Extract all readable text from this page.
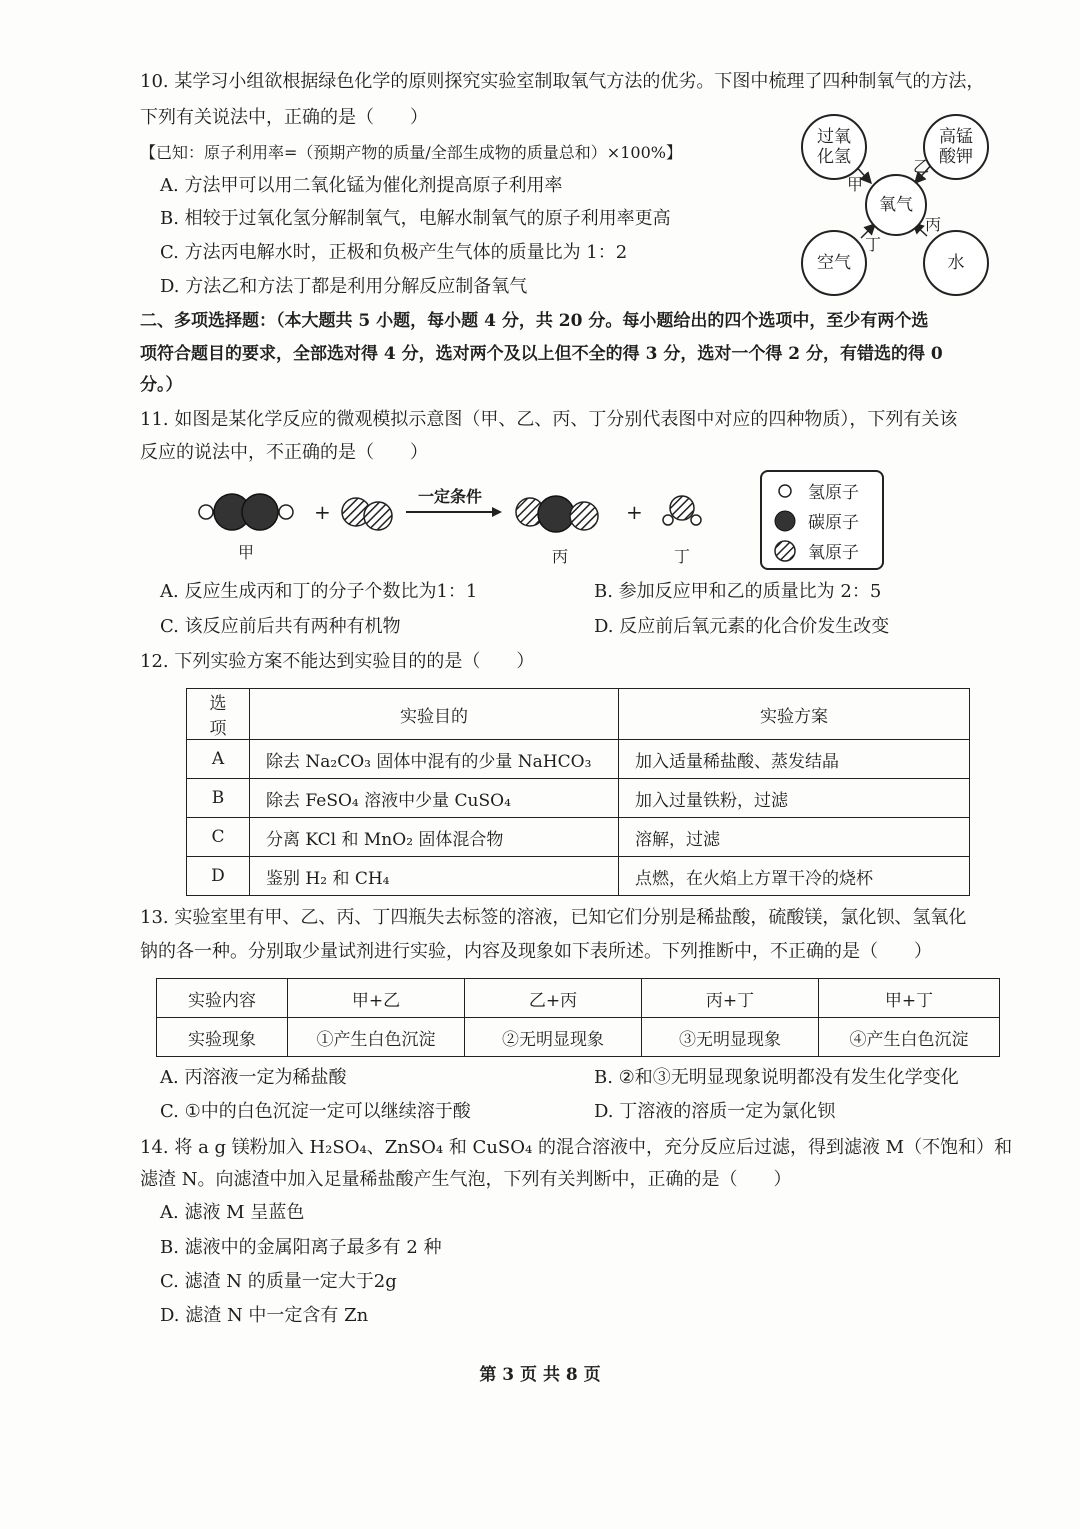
10. 某学习小组欲根据绿色化学的原则探究实验室制取氧气方法的优劣。下图中梳理了四种制氧气的方法，
下列有关说法中，正确的是（　　）
【已知：原子利用率=（预期产物的质量/全部生成物的质量总和）×100%】
A. 方法甲可以用二氧化锰为催化剂提高原子利用率
B. 相较于过氧化氢分解制氧气，电解水制氧气的原子利用率更高
C. 方法丙电解水时，正极和负极产生气体的质量比为 1：2
D. 方法乙和方法丁都是利用分解反应制备氧气
过氧化氢
高锰酸钾
氧气
空气	水
甲
乙
丙
丁
二、多项选择题：（本大题共 5 小题，每小题 4 分，共 20 分。每小题给出的四个选项中，至少有两个选
项符合题目的要求，全部选对得 4 分，选对两个及以上但不全的得 3 分，选对一个得 2 分，有错选的得 0
分。）
11. 如图是某化学反应的微观模拟示意图（甲、乙、丙、丁分别代表图中对应的四种物质），下列有关该
反应的说法中，不正确的是（　　）
+
一定条件
+
甲	丙	丁
氢原子
碳原子
氧原子
A. 反应生成丙和丁的分子个数比为1：1	B. 参加反应甲和乙的质量比为 2：5
C. 该反应前后共有两种有机物	D. 反应前后氧元素的化合价发生改变
12. 下列实验方案不能达到实验目的的是（　　）
选项	实验目的	实验方案
A	除去 Na₂CO₃ 固体中混有的少量 NaHCO₃	加入适量稀盐酸、蒸发结晶
B	除去 FeSO₄ 溶液中少量 CuSO₄	加入过量铁粉，过滤
C	分离 KCl 和 MnO₂ 固体混合物	溶解，过滤
D	鉴别 H₂ 和 CH₄	点燃，在火焰上方罩干冷的烧杯
13. 实验室里有甲、乙、丙、丁四瓶失去标签的溶液，已知它们分别是稀盐酸，硫酸镁，氯化钡、氢氧化
钠的各一种。分别取少量试剂进行实验，内容及现象如下表所述。下列推断中，不正确的是（　　）
实验内容	甲+乙	乙+丙	丙+丁	甲+丁
实验现象	①产生白色沉淀	②无明显现象	③无明显现象	④产生白色沉淀
A. 丙溶液一定为稀盐酸	B. ②和③无明显现象说明都没有发生化学变化
C. ①中的白色沉淀一定可以继续溶于酸	D. 丁溶液的溶质一定为氯化钡
14. 将 a g 镁粉加入 H₂SO₄、ZnSO₄ 和 CuSO₄ 的混合溶液中，充分反应后过滤，得到滤液 M（不饱和）和
滤渣 N。向滤渣中加入足量稀盐酸产生气泡，下列有关判断中，正确的是（　　）
A. 滤液 M 呈蓝色
B. 滤液中的金属阳离子最多有 2 种
C. 滤渣 N 的质量一定大于2g
D. 滤渣 N 中一定含有 Zn
第 3 页 共 8 页
